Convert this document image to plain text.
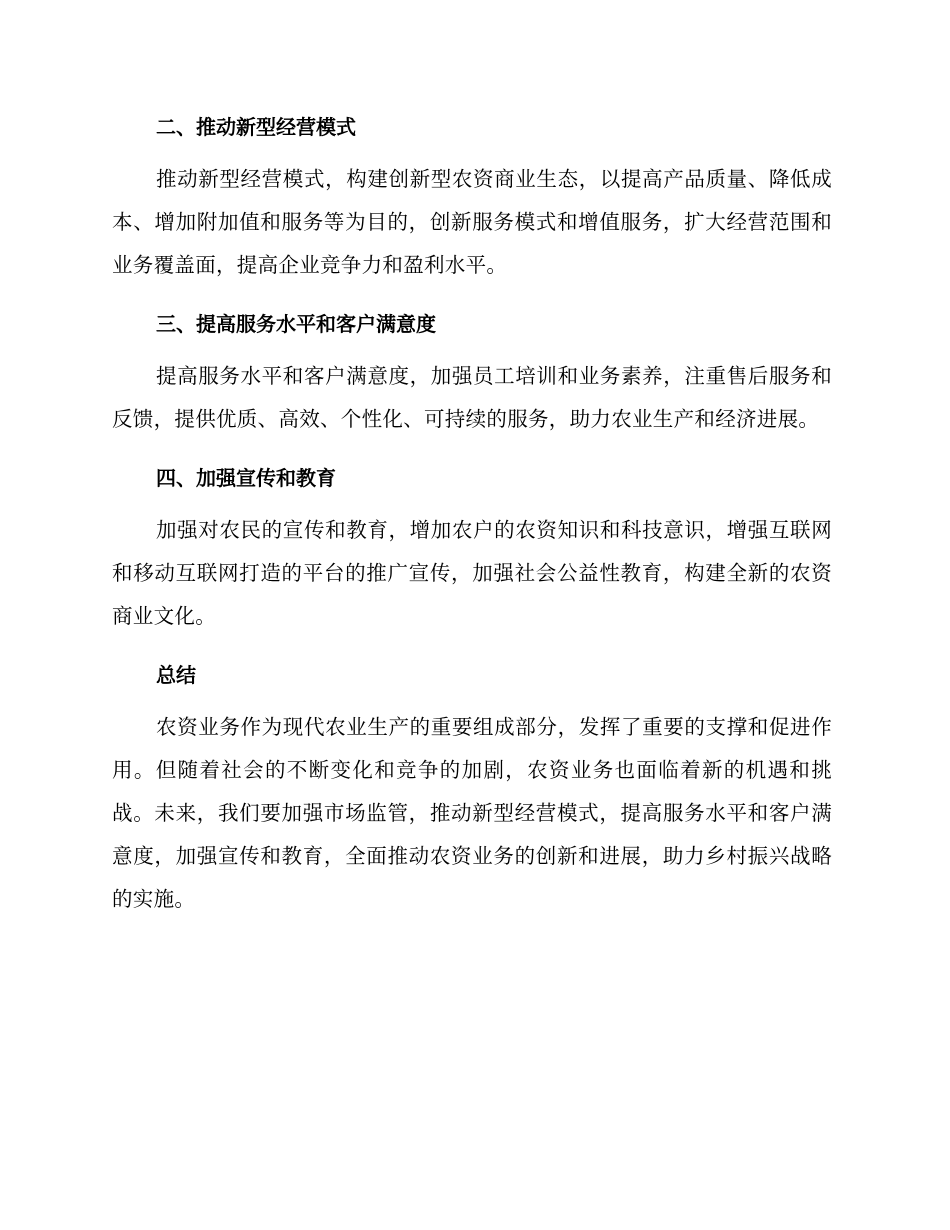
二、推动新型经营模式

推动新型经营模式，构建创新型农资商业生态，以提高产品质量、降低成本、增加附加值和服务等为目的，创新服务模式和增值服务，扩大经营范围和业务覆盖面，提高企业竞争力和盈利水平。

三、提高服务水平和客户满意度

提高服务水平和客户满意度，加强员工培训和业务素养，注重售后服务和反馈，提供优质、高效、个性化、可持续的服务，助力农业生产和经济进展。

四、加强宣传和教育

加强对农民的宣传和教育，增加农户的农资知识和科技意识，增强互联网和移动互联网打造的平台的推广宣传，加强社会公益性教育，构建全新的农资商业文化。

总结

农资业务作为现代农业生产的重要组成部分，发挥了重要的支撑和促进作用。但随着社会的不断变化和竞争的加剧，农资业务也面临着新的机遇和挑战。未来，我们要加强市场监管，推动新型经营模式，提高服务水平和客户满意度，加强宣传和教育，全面推动农资业务的创新和进展，助力乡村振兴战略的实施。
